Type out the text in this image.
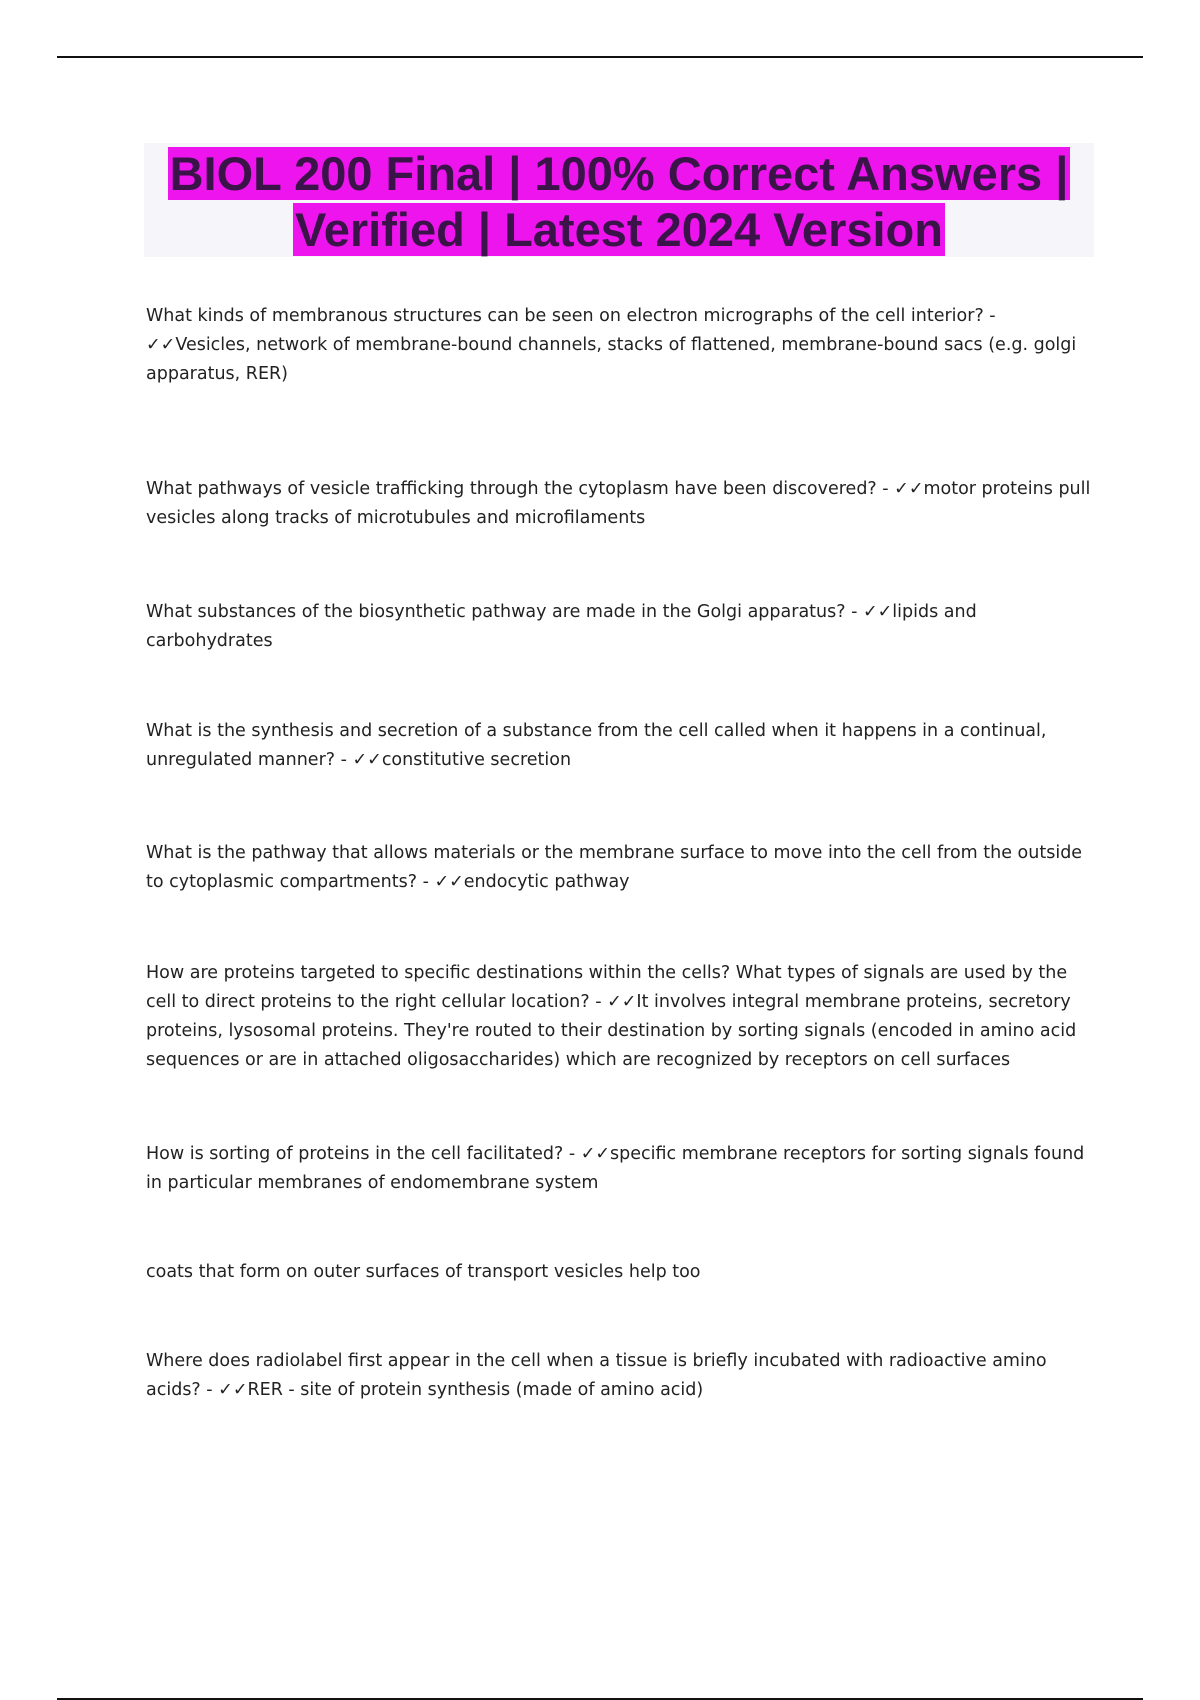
BIOL 200 Final | 100% Correct Answers |
Verified | Latest 2024 Version

What kinds of membranous structures can be seen on electron micrographs of the cell interior? - ✓✓Vesicles, network of membrane-bound channels, stacks of flattened, membrane-bound sacs (e.g. golgi apparatus, RER)

What pathways of vesicle trafficking through the cytoplasm have been discovered? - ✓✓motor proteins pull vesicles along tracks of microtubules and microfilaments

What substances of the biosynthetic pathway are made in the Golgi apparatus? - ✓✓lipids and carbohydrates

What is the synthesis and secretion of a substance from the cell called when it happens in a continual, unregulated manner? - ✓✓constitutive secretion

What is the pathway that allows materials or the membrane surface to move into the cell from the outside to cytoplasmic compartments? - ✓✓endocytic pathway

How are proteins targeted to specific destinations within the cells? What types of signals are used by the cell to direct proteins to the right cellular location? - ✓✓It involves integral membrane proteins, secretory proteins, lysosomal proteins. They're routed to their destination by sorting signals (encoded in amino acid sequences or are in attached oligosaccharides) which are recognized by receptors on cell surfaces

How is sorting of proteins in the cell facilitated? - ✓✓specific membrane receptors for sorting signals found in particular membranes of endomembrane system

coats that form on outer surfaces of transport vesicles help too

Where does radiolabel first appear in the cell when a tissue is briefly incubated with radioactive amino acids? - ✓✓RER - site of protein synthesis (made of amino acid)
